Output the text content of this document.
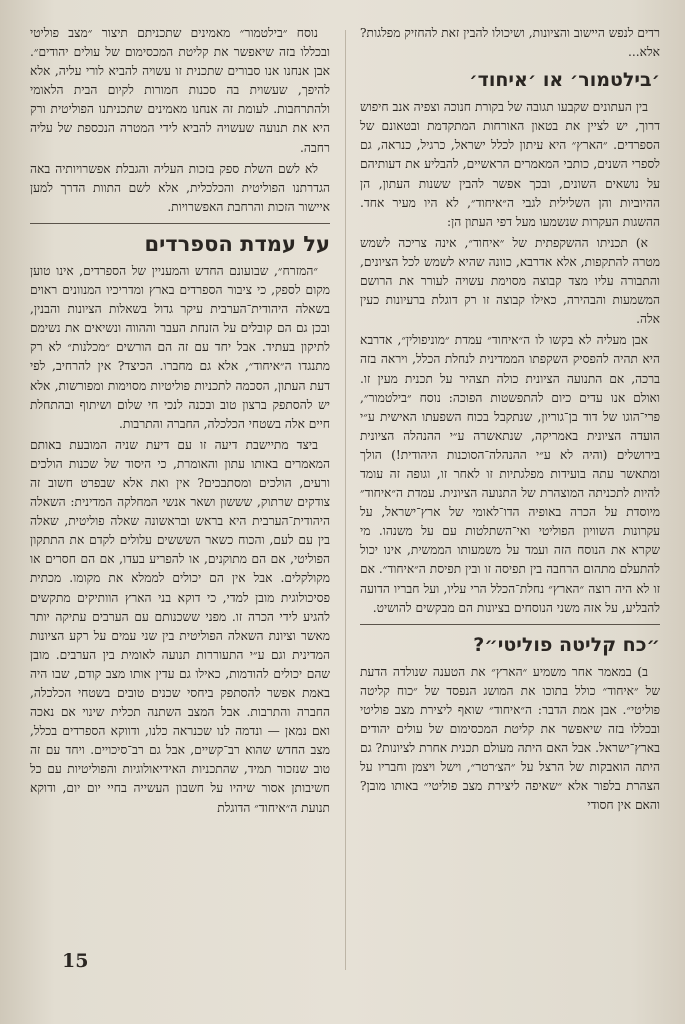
רדים לנפש היישוב והציונות, ושיכולו להבין זאת להחזיק מפלגות? אלא...

׳בילטמור׳ או ׳איחוד׳

בין העתונים שקבעו תגובה של בקורת חנוכה וצפיה אנב חיפוש דרוך, יש לציין את בטאון האורחות המתקדמת ובטאונם של הספרדים. ״הארץ״ היא עיתון לכלל ישראל, כרגיל, כנראה, גם לספרי השנים, כותבי המאמרים הראשיים, להבליע את דעותיהם על נושאים השונים, ובכך אפשר להבין ששנות העתון, הן ההיוביות והן השלילית לגבי ה״איחוד״, לא היו מעיר אחד. ההשגות העקרות שנשמעו מעל דפי העתון הן:

א) תכניתו ההשקפתית של ״איחוד״, אינה צריכה לשמש מטרה להתקפות, אלא אדרבא, כוונה שהיא לשמש לכל הציונים, והתבורה עליו מצד קבוצה מסוימת עשויה לעורר את הרושם המשמעות והבהירה, כאילו קבוצה זו רק דוגלת ברעיונות כעין אלה.

אבן מעליה לא בקשו לו ה״איחוד״ עמדת ״מוניפולין״, אדרבא היא תהיה להפסיק השקפתו הממדינית לנחלת הכלל, ויראה בזה ברכה, אם התנועה הציונית כולה תצהיר על תכנית מעין זו. ואולם אנו עדים כיום להתפשטות הפוכה: נוסח ״בילטמור״, פרי־הוגו של דוד בן־גוריון, שנתקבל בכוח השפעתו האישית ע״י הועדה הציונית באמריקה, שנתאשרה ע״י ההנהלה הציונית בירושלים (והיה לא ע״י ההנהלה־הסוכנות היהודית!) הולך ומתאשר עתה בועידות מפלגתיות זו לאחר זו, וגופה זה עומד להיות לתכניתה המוצהרת של התנועה הציונית. עמדת ה״איחוד״ מיוסדת על הכרה באופיה הדו־לאומי של ארץ־ישראל, על עקרונות השוויון הפוליטי ואי־השתלטות עם על משנהו. מי שקרא את הנוסח הזה ועמד על משמעותו הממשית, אינו יכול להתעלם מתהום הרחבה בין תפיסה זו ובין תפיסת ה״איחוד״. אם זו לא היה רוצה ״הארץ״ נחלת־הכלל הרי עליו, ועל חבריו הדועה להבליע, על אזה משני הנוסחים בציונות הם מבקשים להושיט.

״כח קליטה פוליטי״?

ב) במאמר אחר משמיע ״הארץ״ את הטענה שנולדה הדעת של ״איחוד״ כולל בתוכו את המושג הנפסד של ״כוח קליטה פוליטי״. אבן אמת הדבר: ה״איחוד״ שואף ליצירת מצב פוליטי ובכללו בזה שיאפשר את קליטת המכסימום של עולים יהודים בארץ־ישראל. אבל האם היתה מעולם תכנית אחרת לציונות? גם היתה הואבקות של הרצל על ״הצ׳רטר״, וישל ויצמן וחבריו על הצהרת בלפור אלא ״שאיפה ליצירת מצב פוליטי״ באותו מובן? והאם אין חסודי

נוסח ״בילטמור״ מאמינים שתכניתם תיצור ״מצב פוליטי ובכללו בזה שיאפשר את קליטת המכסימום של עולים יהודים״. אבן אנחנו אנו סבורים שתכנית זו עשויה להביא לורי עליה, אלא להיפך, שעשוית בה סכנות חמורות לקיום הבית הלאומי ולהתרחבות. לעומת זה אנחנו מאמינים שתכניתנו הפוליטית ורק היא את תנועה שעשויה להביא לידי המטרה הנכספת של עליה רחבה.

לא לשם השלת ספק בזכות העליה והגבלת אפשרויותיה באה הגדרתנו הפוליטית והכלכלית, אלא לשם התוות הדרך למען איישור הזכות והרחבת האפשרויות.

על עמדת הספרדים

״המזרח״, שבועונם החדש והמעניין של הספרדים, אינו טוען מקום לספק, כי ציבור הספרדים בארץ ומדריכיו המנוונים ראוים בשאלה היהודית־הערבית עיקר גדול בשאלות הציונות והבנין, ובכן גם הם קובלים על הזנחת העבר וההווה ונשיאים את נשימם לתיקון בעתיד. אבל יחד עם זה הם הורשים ״מכלנות״ לא רק מתנגדו ה״איחוד״, אלא גם מחברו. הכיצד? אין להרחיב, לפי דעת העתון, הסכמה לתכניות פוליטיות מסוימות ומפורשות, אלא יש להסתפק ברצון טוב ובכנה לנכי חי שלום ושיתוף ובהתחלת חיים אלה בשטחי הכלכלה, החברה והתרבות.

ביצד מתיישבת דיעה זו עם דיעת שניה המובעת באותם המאמרים באותו עתון והאומרת, כי היסוד של שכנות הולכים ורעים, הולכים ומסתבכים? אין ואת אלא שבפרט חשוב זה צודקים שרתוק, שששון ושאר אנשי המחלקה המדינית: השאלה היהודית־הערבית היא בראש ובראשונה שאלה פוליטית, שאלה בין עם לעם, והכוח כשאר השששים עלולים לקדם את התתקון הפוליטי, אם הם מתוקנים, או להפריע בעדו, אם הם חסרים או מקולקלים. אבל אין הם יכולים לממלא את מקומו. מכתית פסיכולוגית מובן למדי, כי דוקא בני הארץ הוותיקים מתקשים להגיע לידי הכרה זו. מפני ששכנותם עם הערבים עתיקה יותר מאשר וציונת השאלה הפוליטית בין שני עמים על רקע הציונות המדינית וגם ע״י התעוררות תנועה לאומית בין הערבים. מובן שהם יכולים להודמות, כאילו גם עדין אותו מצב קודם, שבו היה באמת אפשר להסתפק ביחסי שכנים טובים בשטחי הכלכלה, החברה והתרבות. אבל המצב השתנה תכלית שינוי אם נאכה ואם נמאן — ונדמה לנו שכנראה כלנו, ודווקא הספרדים בכלל, מצב החדש שהוא רב־קשיים, אבל גם רב־סיכויים. ויחד עם זה טוב שנזכור תמיד, שהתכניות האידיאולוגיות והפוליטיות עם כל חשיבותן אסור שיהיו על חשבון העשייה בחיי יום יום, ודוקא תנועת ה״איחוד״ הדוגלת

15
